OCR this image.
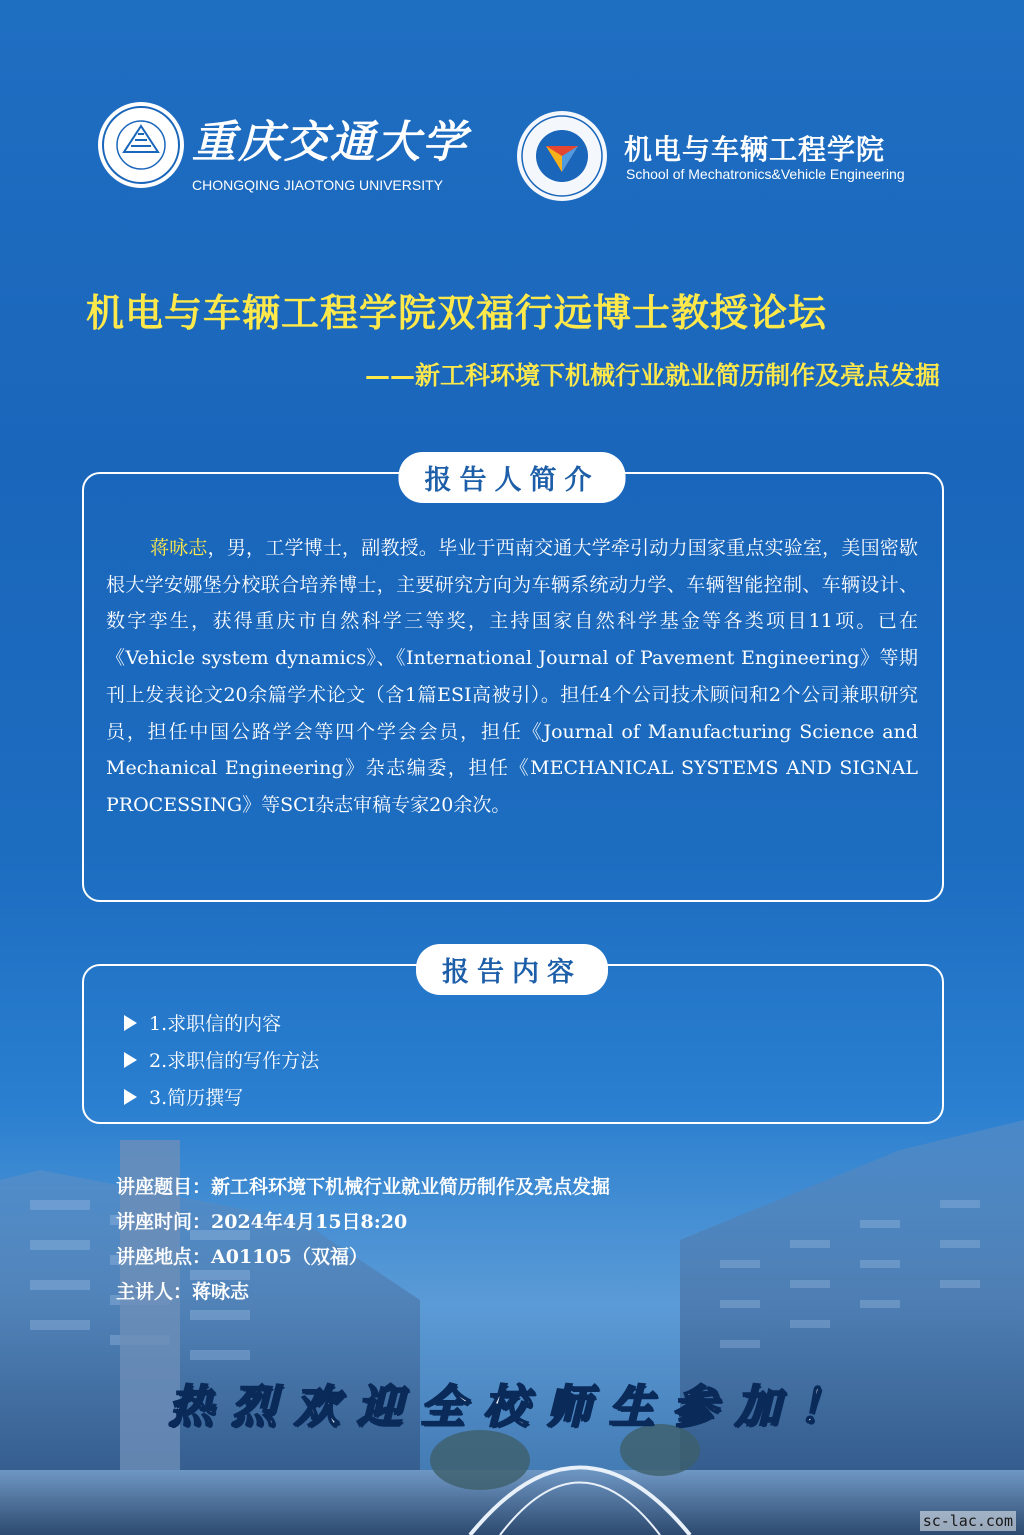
重庆交通大学
CHONGQING JIAOTONG UNIVERSITY
机电与车辆工程学院
School of Mechatronics&Vehicle Engineering
机电与车辆工程学院双福行远博士教授论坛
——新工科环境下机械行业就业简历制作及亮点发掘
报告人简介
蒋咏志，男，工学博士，副教授。毕业于西南交通大学牵引动力国家重点实验室，美国密歇根大学安娜堡分校联合培养博士，主要研究方向为车辆系统动力学、车辆智能控制、车辆设计、数字孪生，获得重庆市自然科学三等奖，主持国家自然科学基金等各类项目11项。已在《Vehicle system dynamics》、《International Journal of Pavement Engineering》等期刊上发表论文20余篇学术论文（含1篇ESI高被引）。担任4个公司技术顾问和2个公司兼职研究员，担任中国公路学会等四个学会会员，担任《Journal of Manufacturing Science and Mechanical Engineering》杂志编委，担任《MECHANICAL SYSTEMS AND SIGNAL PROCESSING》等SCI杂志审稿专家20余次。
报告内容
1.求职信的内容
2.求职信的写作方法
3.简历撰写
讲座题目： 新工科环境下机械行业就业简历制作及亮点发掘
讲座时间： 2024年4月15日8:20
讲座地点： A01105（双福）
主讲人： 蒋咏志
热烈欢迎全校师生参加！
sc-lac.com
